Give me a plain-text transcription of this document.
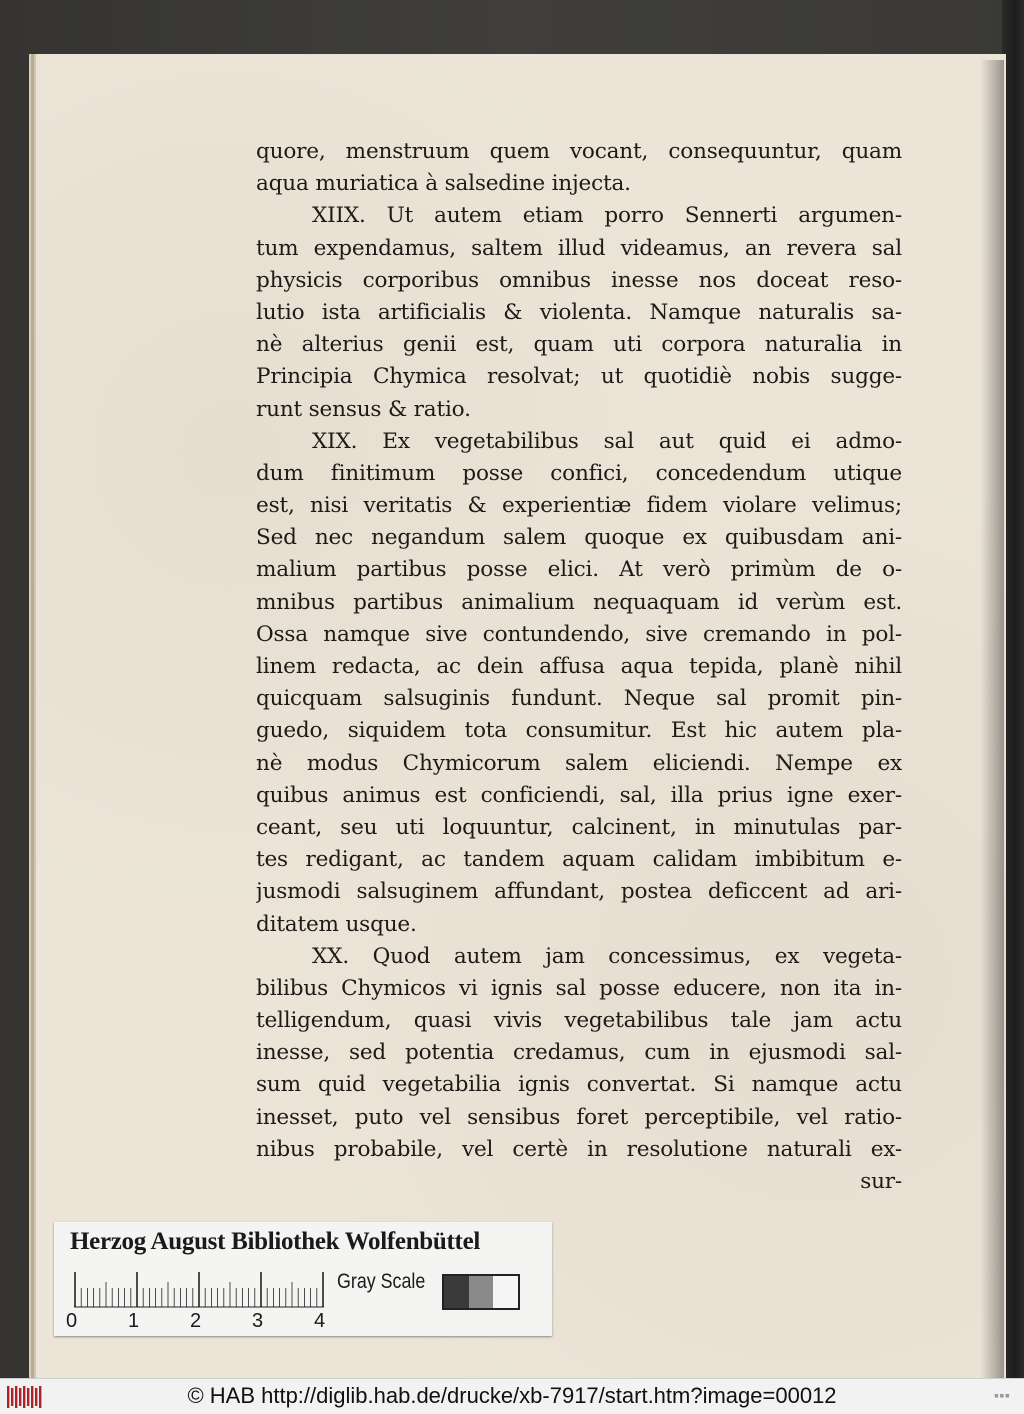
quore, menstruum quem vocant, consequuntur, quam
aqua muriatica à salsedine injecta.
XIIX. Ut autem etiam porro Sennerti argumen-
tum expendamus, saltem illud videamus, an revera sal
physicis corporibus omnibus inesse nos doceat reso-
lutio ista artificialis & violenta. Namque naturalis sa-
nè alterius genii est, quam uti corpora naturalia in
Principia Chymica resolvat; ut quotidiè nobis sugge-
runt sensus & ratio.
XIX. Ex vegetabilibus sal aut quid ei admo-
dum finitimum posse confici, concedendum utique
est, nisi veritatis & experientiæ fidem violare velimus;
Sed nec negandum salem quoque ex quibusdam ani-
malium partibus posse elici. At verò primùm de o-
mnibus partibus animalium nequaquam id verùm est.
Ossa namque sive contundendo, sive cremando in pol-
linem redacta, ac dein affusa aqua tepida, planè nihil
quicquam salsuginis fundunt. Neque sal promit pin-
guedo, siquidem tota consumitur. Est hic autem pla-
nè modus Chymicorum salem eliciendi. Nempe ex
quibus animus est conficiendi, sal, illa prius igne exer-
ceant, seu uti loquuntur, calcinent, in minutulas par-
tes redigant, ac tandem aquam calidam imbibitum e-
jusmodi salsuginem affundant, postea deficcent ad ari-
ditatem usque.
XX. Quod autem jam concessimus, ex vegeta-
bilibus Chymicos vi ignis sal posse educere, non ita in-
telligendum, quasi vivis vegetabilibus tale jam actu
inesse, sed potentia credamus, cum in ejusmodi sal-
sum quid vegetabilia ignis convertat. Si namque actu
inesset, puto vel sensibus foret perceptibile, vel ratio-
nibus probabile, vel certè in resolutione naturali ex-
sur-
Herzog August Bibliothek Wolfenbüttel
Gray Scale
0	1	2	3	4
© HAB http://diglib.hab.de/drucke/xb-7917/start.htm?image=00012	▪▪▪
